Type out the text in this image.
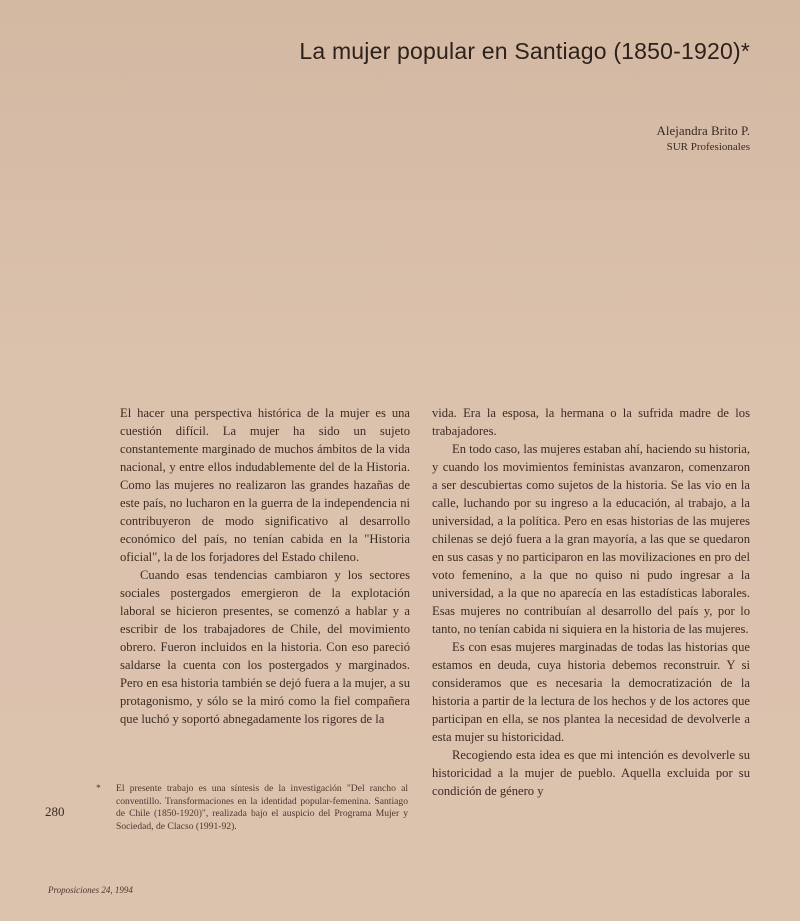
La mujer popular en Santiago (1850-1920)*
Alejandra Brito P.
SUR Profesionales

El hacer una perspectiva histórica de la mujer es una cuestión difícil. La mujer ha sido un sujeto constantemente marginado de muchos ámbitos de la vida nacional, y entre ellos indudablemente del de la Historia. Como las mujeres no realizaron las grandes hazañas de este país, no lucharon en la guerra de la independencia ni contribuyeron de modo significativo al desarrollo económico del país, no tenían cabida en la "Historia oficial", la de los forjadores del Estado chileno.

Cuando esas tendencias cambiaron y los sectores sociales postergados emergieron de la explotación laboral se hicieron presentes, se comenzó a hablar y a escribir de los trabajadores de Chile, del movimiento obrero. Fueron incluidos en la historia. Con eso pareció saldarse la cuenta con los postergados y marginados. Pero en esa historia también se dejó fuera a la mujer, a su protagonismo, y sólo se la miró como la fiel compañera que luchó y soportó abnegadamente los rigores de la

vida. Era la esposa, la hermana o la sufrida madre de los trabajadores.

En todo caso, las mujeres estaban ahí, haciendo su historia, y cuando los movimientos feministas avanzaron, comenzaron a ser descubiertas como sujetos de la historia. Se las vio en la calle, luchando por su ingreso a la educación, al trabajo, a la universidad, a la política. Pero en esas historias de las mujeres chilenas se dejó fuera a la gran mayoría, a las que se quedaron en sus casas y no participaron en las movilizaciones en pro del voto femenino, a la que no quiso ni pudo ingresar a la universidad, a la que no aparecía en las estadísticas laborales. Esas mujeres no contribuían al desarrollo del país y, por lo tanto, no tenían cabida ni siquiera en la historia de las mujeres.

Es con esas mujeres marginadas de todas las historias que estamos en deuda, cuya historia debemos reconstruir. Y si consideramos que es necesaria la democratización de la historia a partir de la lectura de los hechos y de los actores que participan en ella, se nos plantea la necesidad de devolverle a esta mujer su historicidad.

Recogiendo esta idea es que mi intención es devolverle su historicidad a la mujer de pueblo. Aquella excluida por su condición de género y

* El presente trabajo es una síntesis de la investigación "Del rancho al conventillo. Transformaciones en la identidad popular-femenina. Santiago de Chile (1850-1920)", realizada bajo el auspicio del Programa Mujer y Sociedad, de Clacso (1991-92).
280
Proposiciones 24, 1994
